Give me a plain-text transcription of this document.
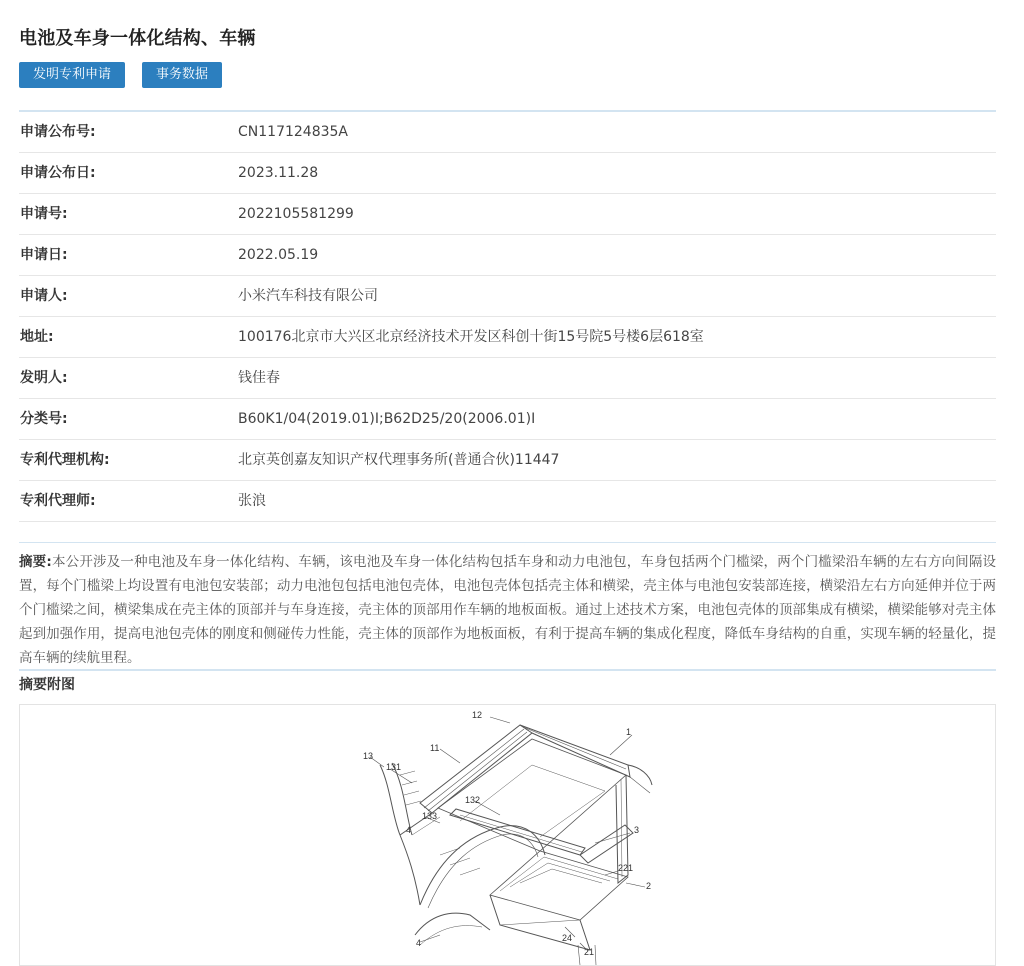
电池及车身一体化结构、车辆
发明专利申请	事务数据
申请公布号:	CN117124835A
申请公布日:	2023.11.28
申请号:	2022105581299
申请日:	2022.05.19
申请人:	小米汽车科技有限公司
地址:	100176北京市大兴区北京经济技术开发区科创十街15号院5号楼6层618室
发明人:	钱佳春
分类号:	B60K1/04(2019.01)I;B62D25/20(2006.01)I
专利代理机构:	北京英创嘉友知识产权代理事务所(普通合伙)11447
专利代理师:	张浪
摘要:本公开涉及一种电池及车身一体化结构、车辆，该电池及车身一体化结构包括车身和动力电池包，车身包括两个门槛梁，两个门槛梁沿车辆的左右方向间隔设置，每个门槛梁上均设置有电池包安装部；动力电池包包括电池包壳体，电池包壳体包括壳主体和横梁，壳主体与电池包安装部连接，横梁沿左右方向延伸并位于两个门槛梁之间，横梁集成在壳主体的顶部并与车身连接，壳主体的顶部用作车辆的地板面板。通过上述技术方案，电池包壳体的顶部集成有横梁，横梁能够对壳主体起到加强作用，提高电池包壳体的刚度和侧碰传力性能，壳主体的顶部作为地板面板，有利于提高车辆的集成化程度，降低车身结构的自重，实现车辆的轻量化，提高车辆的续航里程。
摘要附图
12
1
13
131
11
132
133
4	3
221
2
24
4
21
